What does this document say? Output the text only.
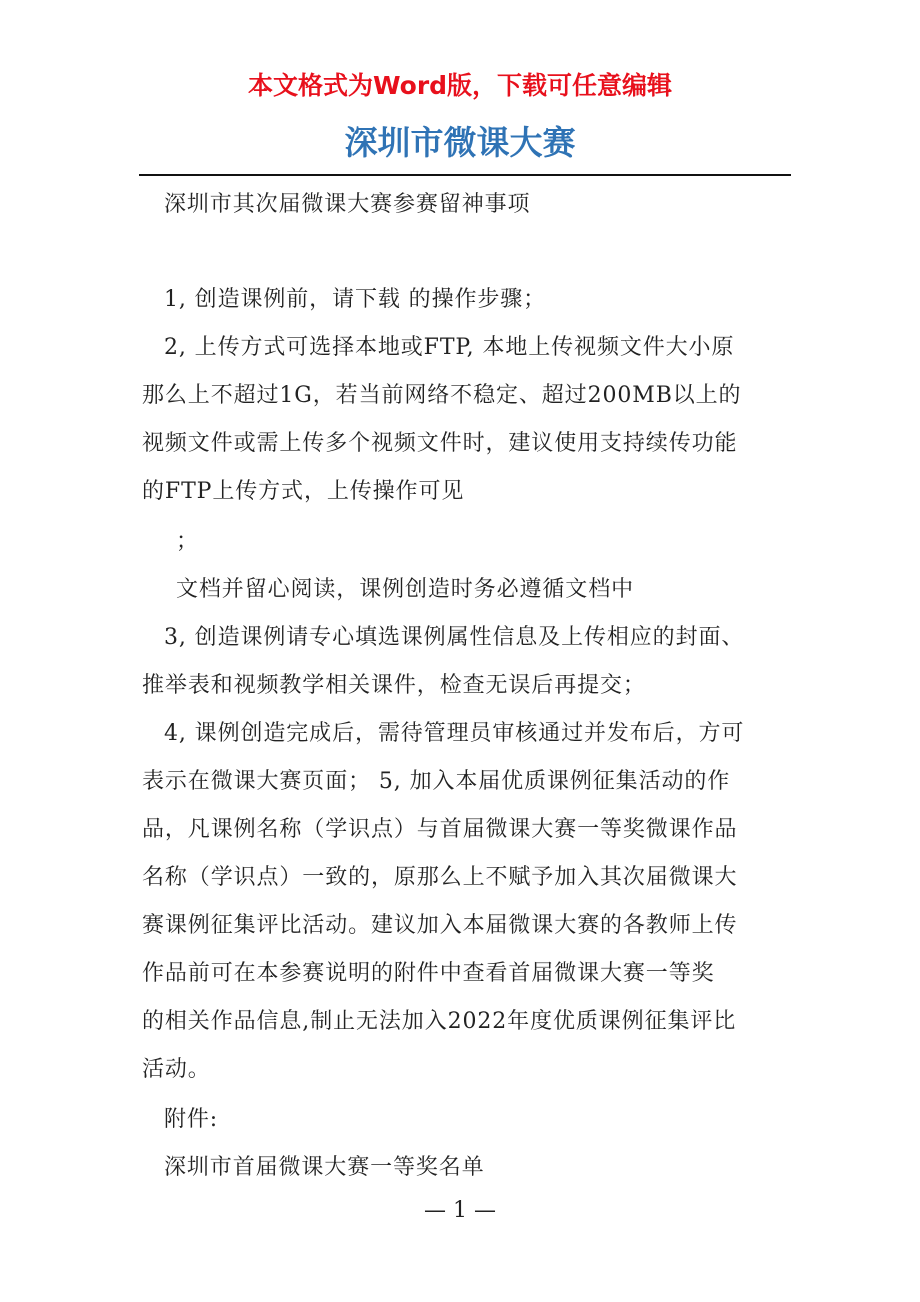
本文格式为Word版，下载可任意编辑
深圳市微课大赛
深圳市其次届微课大赛参赛留神事项
1, 创造课例前，请下载 的操作步骤；
2, 上传方式可选择本地或FTP, 本地上传视频文件大小原
那么上不超过1G，若当前网络不稳定、超过200MB以上的
视频文件或需上传多个视频文件时，建议使用支持续传功能
的FTP上传方式，上传操作可见
；
文档并留心阅读，课例创造时务必遵循文档中
3, 创造课例请专心填选课例属性信息及上传相应的封面、
推举表和视频教学相关课件，检查无误后再提交；
4, 课例创造完成后，需待管理员审核通过并发布后，方可
表示在微课大赛页面； 5, 加入本届优质课例征集活动的作
品，凡课例名称（学识点）与首届微课大赛一等奖微课作品
名称（学识点）一致的，原那么上不赋予加入其次届微课大
赛课例征集评比活动。建议加入本届微课大赛的各教师上传
作品前可在本参赛说明的附件中查看首届微课大赛一等奖
的相关作品信息,制止无法加入2022年度优质课例征集评比
活动。
附件:
深圳市首届微课大赛一等奖名单
— 1 —
